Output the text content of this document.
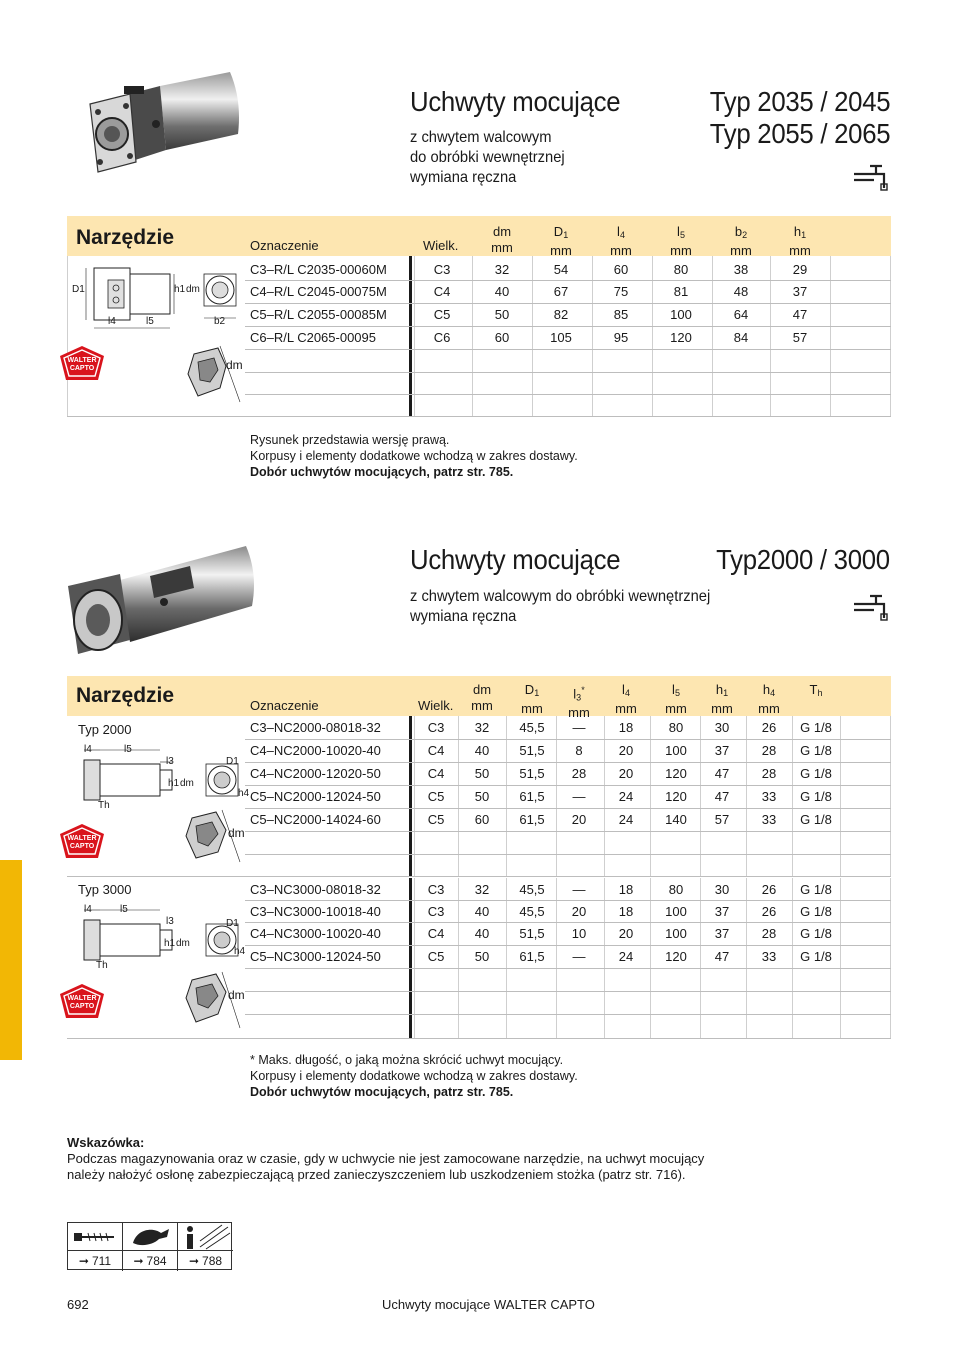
Uchwyty mocujące	Typ 2035 / 2045
Typ 2055 / 2065
z chwytem walcowym
do obróbki wewnętrznej
wymiana ręczna
Narzędzie	Oznaczenie	Wielk.
dm
mm
$D_1$
mm
$l_4$
mm
$l_5$
mm
$b_2$
mm
$h_1$
mm
C3–R/L C2035-00060M	C3	32	54	60	80	38	29
C4–R/L C2045-00075M	C4	40	67	75	81	48	37
C5–R/L C2055-00085M	C5	50	82	85	100	64	47
C6–R/L C2065-00095	C6	60	105	95	120	84	57
D1	h1 dm
l4	l5	b2
WALTER
CAPTO	dm
Rysunek przedstawia wersję prawą.
Korpusy i elementy dodatkowe wchodzą w zakres dostawy.
Dobór uchwytów mocujących, patrz str. 785.
Uchwyty mocujące	Typ2000 / 3000
z chwytem walcowym do obróbki wewnętrznej
wymiana ręczna
Narzędzie	Oznaczenie	Wielk.
dm
mm
$D_1$
mm
$l_3^*$
mm
$l_4$
mm
$l_5$
mm
$h_1$
mm
$h_4$
mm
$T_h$

Typ 2000
Typ 3000
C3–NC2000-08018-32	C3	32	45,5	—	18	80	30	26	G 1/8
C4–NC2000-10020-40	C4	40	51,5	8	20	100	37	28	G 1/8
C4–NC2000-12020-50	C4	50	51,5	28	20	120	47	28	G 1/8
C5–NC2000-12024-50	C5	50	61,5	—	24	120	47	33	G 1/8
C5–NC2000-14024-60	C5	60	61,5	20	24	140	57	33	G 1/8
C3–NC3000-08018-32	C3	32	45,5	—	18	80	30	26	G 1/8
C3–NC3000-10018-40	C3	40	45,5	20	18	100	37	26	G 1/8
C4–NC3000-10020-40	C4	40	51,5	10	20	100	37	28	G 1/8
C5–NC3000-12024-50	C5	50	61,5	—	24	120	47	33	G 1/8
l4	l5
l3	D1
h1 dm
h4
Th
WALTER
CAPTO
dm
l4	l5
l3	D1
h1 dm
h4
Th
WALTER
CAPTO
dm
* Maks. długość, o jaką można skrócić uchwyt mocujący.
Korpusy i elementy dodatkowe wchodzą w zakres dostawy.
Dobór uchwytów mocujących, patrz str. 785.
Wskazówka:
Podczas magazynowania oraz w czasie, gdy w uchwycie nie jest zamocowane narzędzie, na uchwyt mocujący
należy nałożyć osłonę zabezpieczającą przed zanieczyszczeniem lub uszkodzeniem stożka (patrz str. 716).
➞ 711 ➞ 784 ➞ 788
692	Uchwyty mocujące WALTER CAPTO
